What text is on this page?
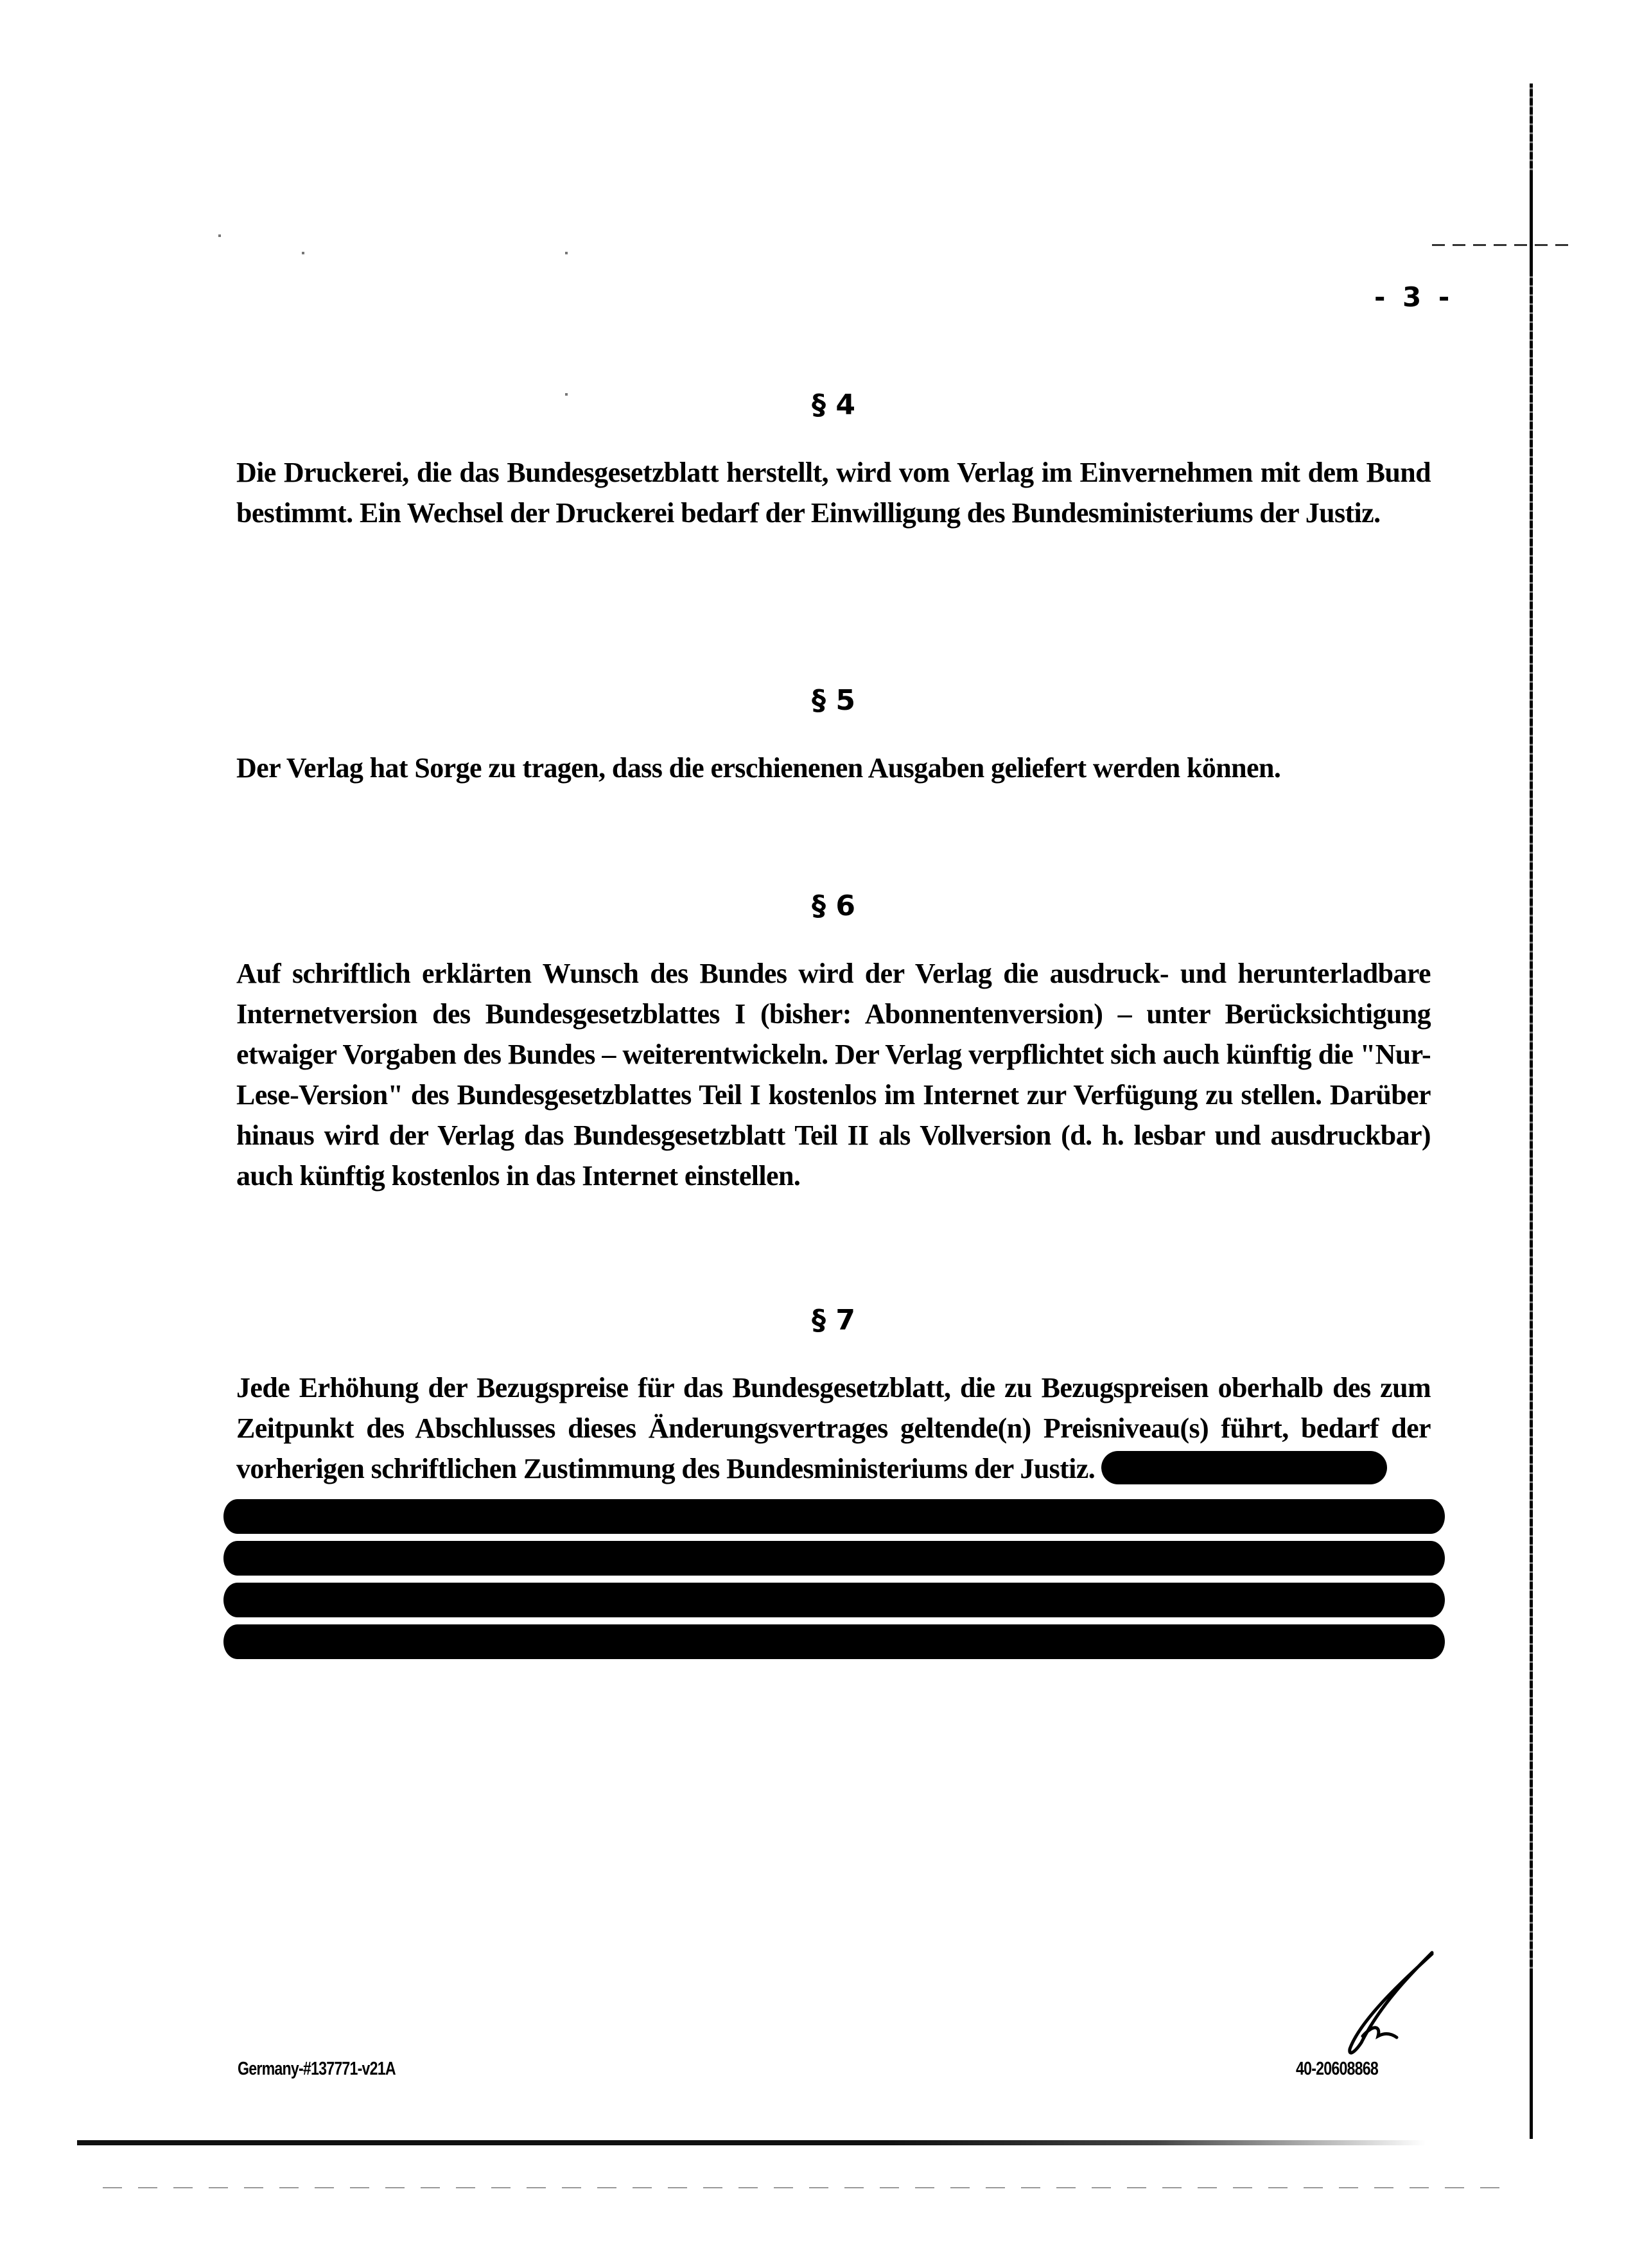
- 3 -
§ 4
Die Druckerei, die das Bundesgesetzblatt herstellt, wird vom Verlag im Einvernehmen mit dem Bund bestimmt. Ein Wechsel der Druckerei bedarf der Einwilligung des Bundesministeriums der Justiz.
§ 5
Der Verlag hat Sorge zu tragen, dass die erschienenen Ausgaben geliefert werden können.
§ 6
Auf schriftlich erklärten Wunsch des Bundes wird der Verlag die ausdruck- und herunterladbare Internetversion des Bundesgesetzblattes I (bisher: Abonnentenversion) – unter Berücksichtigung etwaiger Vorgaben des Bundes – weiterentwickeln. Der Verlag verpflichtet sich auch künftig die "Nur-Lese-Version" des Bundesgesetzblattes Teil I kostenlos im Internet zur Verfügung zu stellen. Darüber hinaus wird der Verlag das Bundesgesetzblatt Teil II als Vollversion (d. h. lesbar und ausdruckbar) auch künftig kostenlos in das Internet einstellen.
§ 7
Jede Erhöhung der Bezugspreise für das Bundesgesetzblatt, die zu Bezugspreisen oberhalb des zum Zeitpunkt des Abschlusses dieses Änderungsvertrages geltende(n) Preisniveau(s) führt, bedarf der vorherigen schriftlichen Zustimmung des Bundesministeriums der Justiz.
Germany-#137771-v21A	40-20608868
